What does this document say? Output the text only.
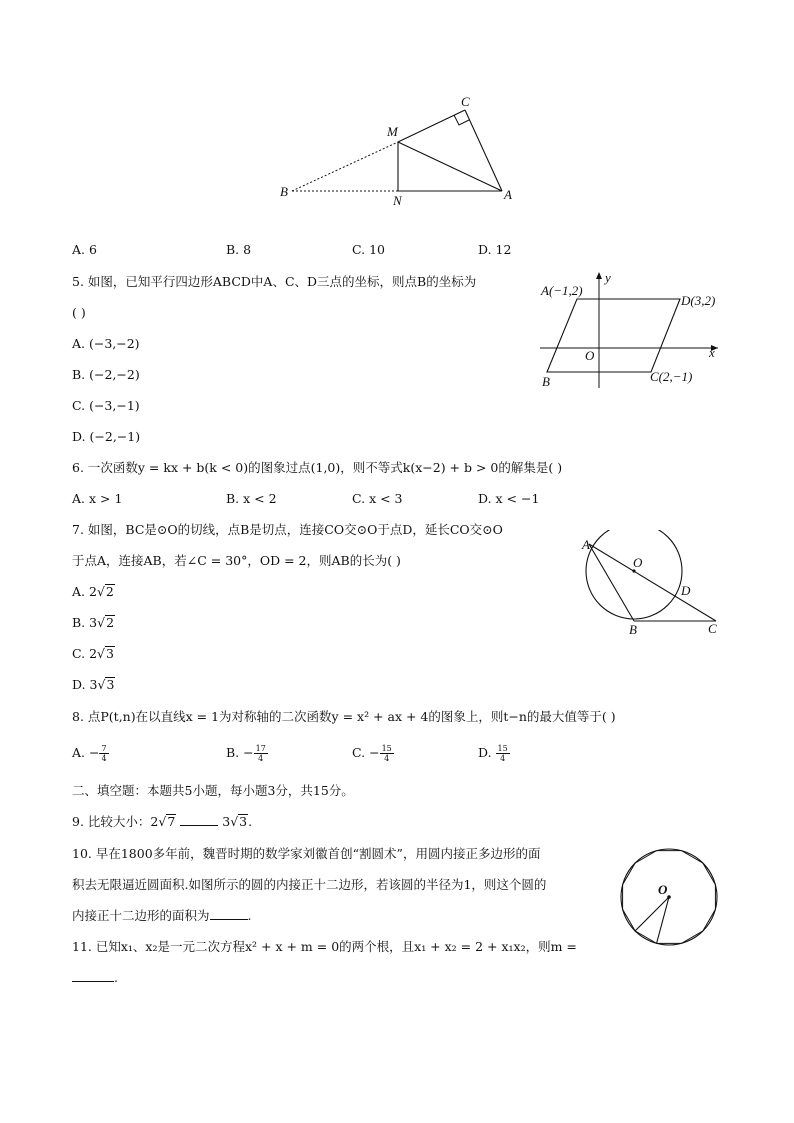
C
M
B
N	A
A. 6	B. 8	C. 10	D. 12
5. 如图，已知平行四边形ABCD中A、C、D三点的坐标，则点B的坐标为
( )
A. (−3,−2)
B. (−2,−2)
C. (−3,−1)
D. (−2,−1)
A(−1,2)
y
D(3,2)
O	x
B	C(2,−1)
6. 一次函数y = kx + b(k < 0)的图象过点(1,0)，则不等式k(x−2) + b > 0的解集是( )
A. x > 1	B. x < 2	C. x < 3	D. x < −1
7. 如图，BC是⊙O的切线，点B是切点，连接CO交⊙O于点D，延长CO交⊙O
于点A，连接AB，若∠C = 30°，OD = 2，则AB的长为( )
A. 2√2
B. 3√2
C. 2√3
D. 3√3
A
O
D
B	C
8. 点P(t,n)在以直线x = 1为对称轴的二次函数y = x² + ax + 4的图象上，则t−n的最大值等于( )
A. − $\frac{7}{4}$	B. − $\frac{17}{4}$	C. − $\frac{15}{4}$	D. $\frac{15}{4}$
二、填空题：本题共5小题，每小题3分，共15分。
9. 比较大小：2√7	3√3.
10. 早在1800多年前，魏晋时期的数学家刘徽首创“割圆术”，用圆内接正多边形的面
积去无限逼近圆面积.如图所示的圆的内接正十二边形，若该圆的半径为1，则这个圆的
内接正十二边形的面积为	.
O
11. 已知x₁、x₂是一元二次方程x² + x + m = 0的两个根，且x₁ + x₂ = 2 + x₁x₂，则m =
.
